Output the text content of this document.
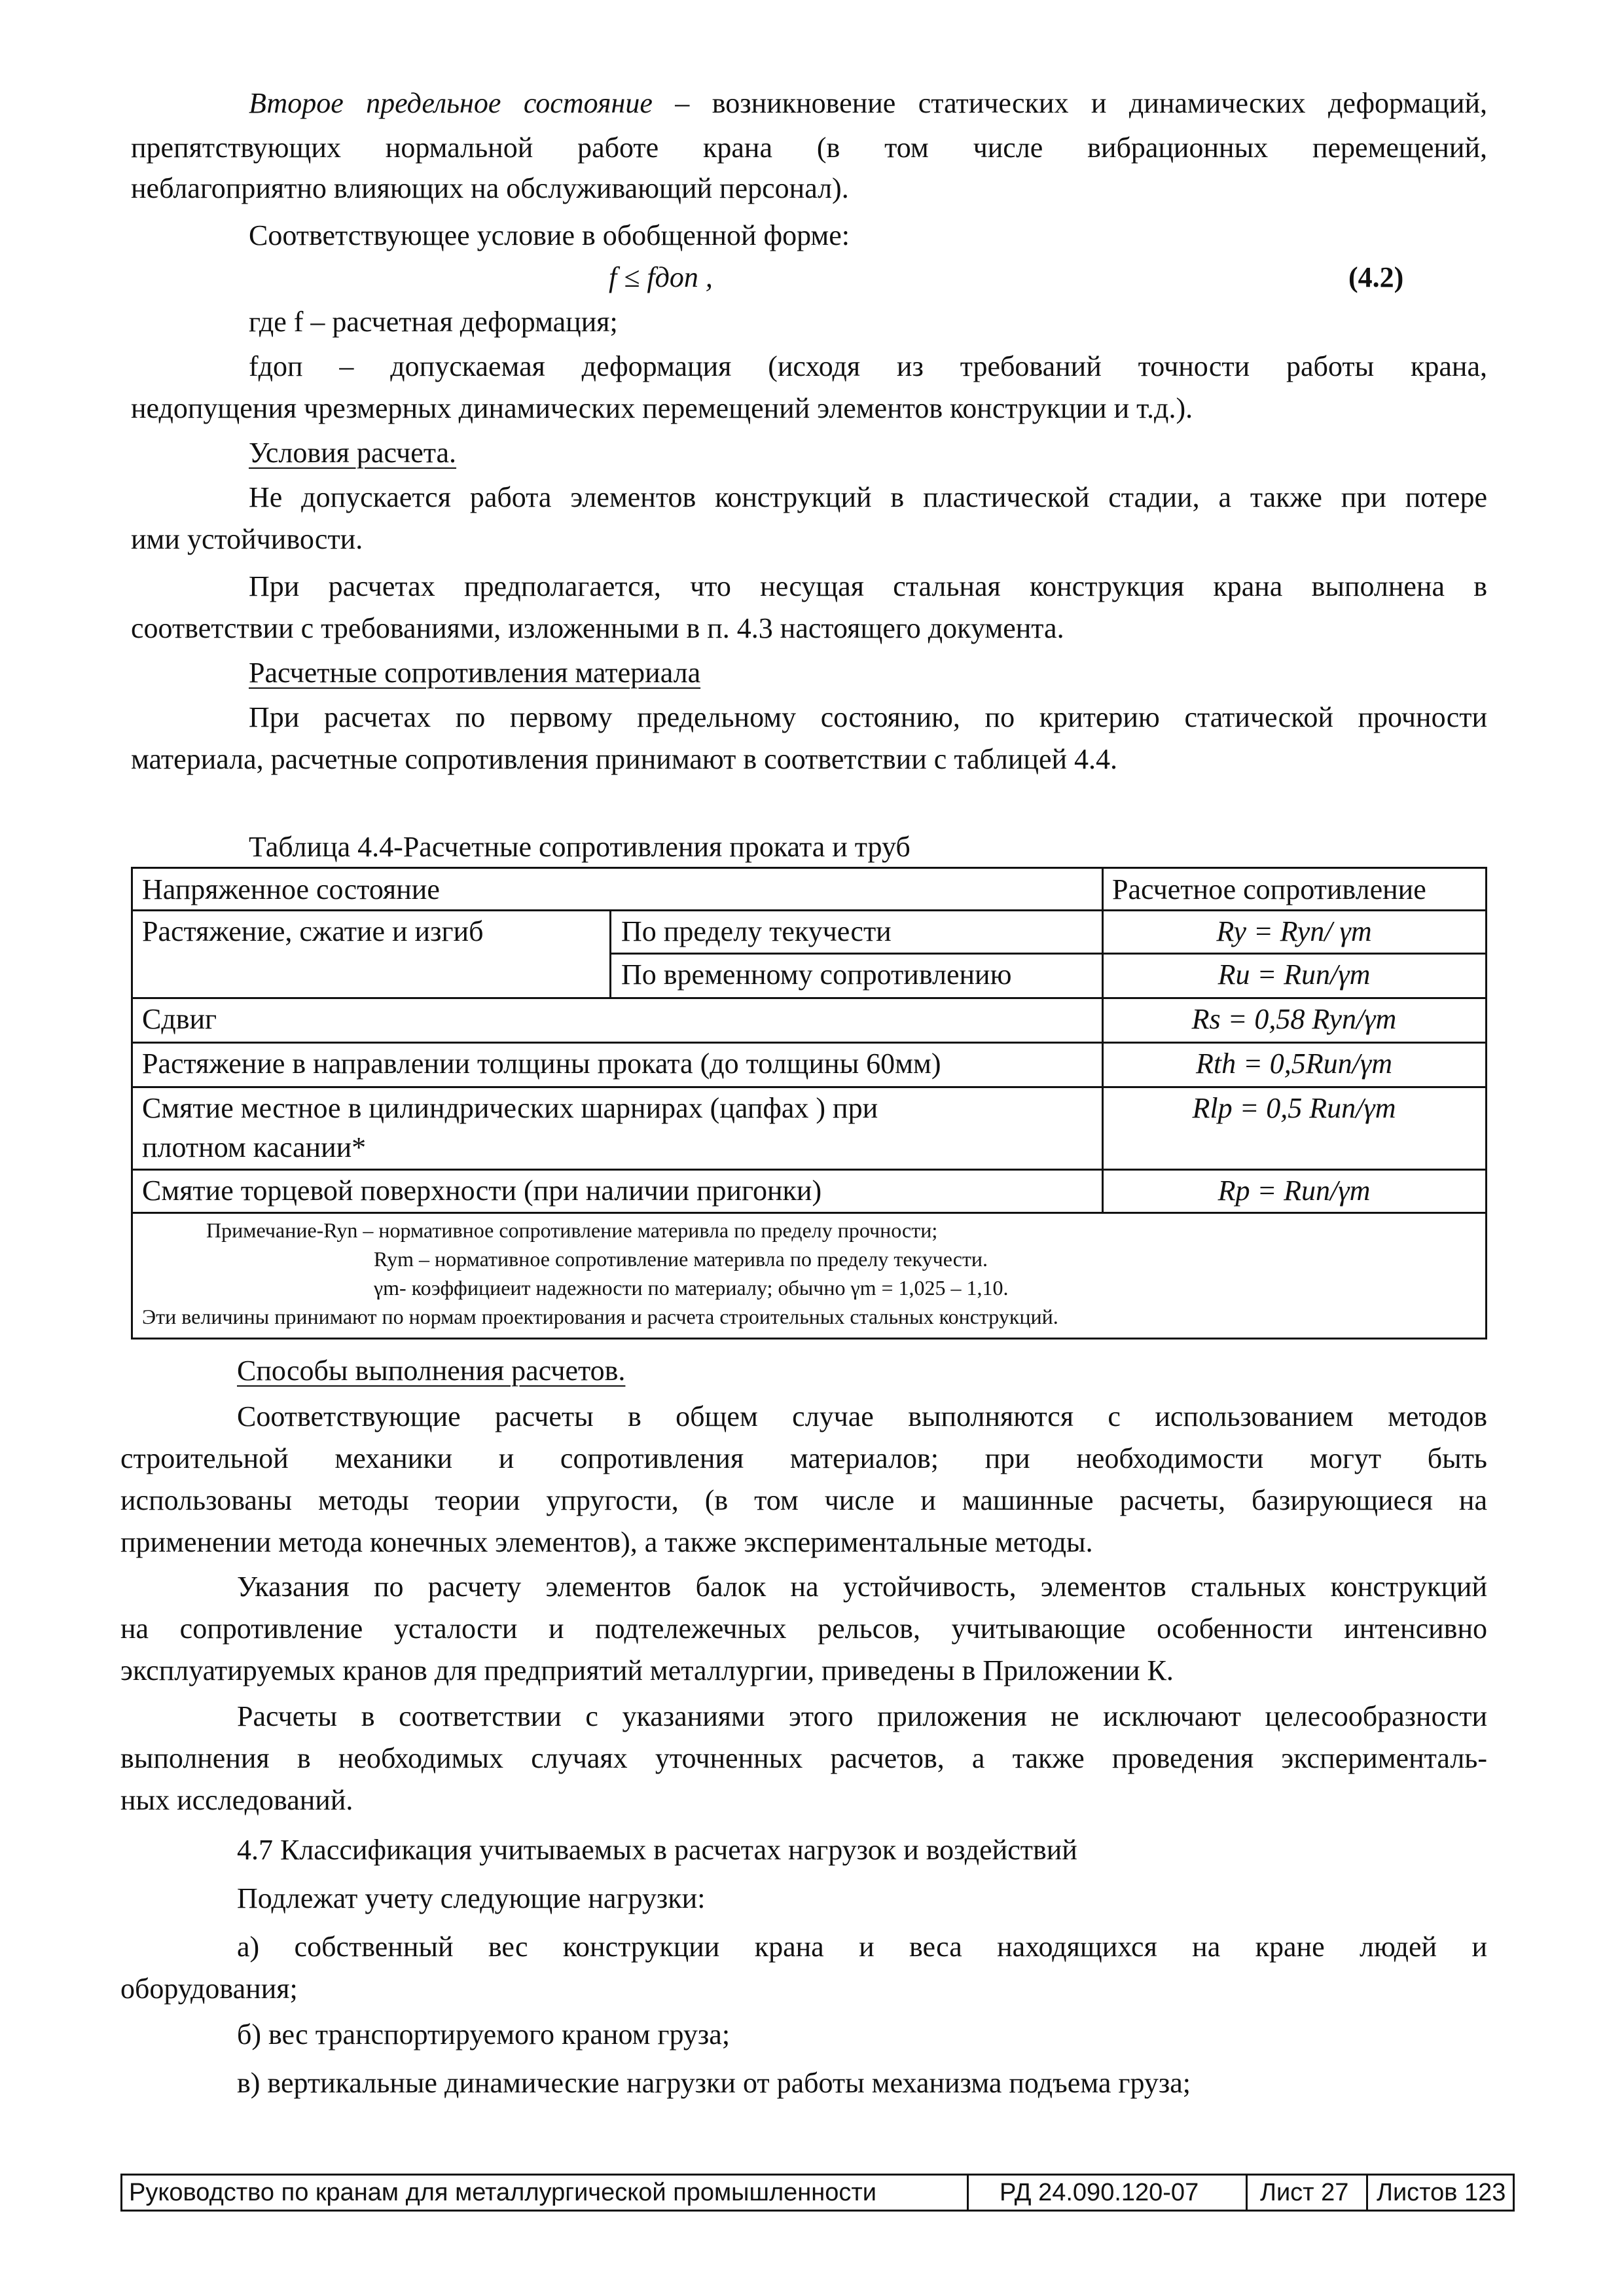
Второе предельное состояние – возникновение статических и динамических деформаций,

препятствующих нормальной работе крана (в том числе вибрационных перемещений,

неблагоприятно влияющих на обслуживающий персонал).

Соответствующее условие в обобщенной форме:

f ≤ fдоп ,	(4.2)

где f – расчетная деформация;

fдоп – допускаемая деформация (исходя из требований точности работы крана,

недопущения чрезмерных динамических перемещений элементов конструкции и т.д.).

Условия расчета.

Не допускается работа элементов конструкций в пластической стадии, а также при потере

ими устойчивости.

При расчетах предполагается, что несущая стальная конструкция крана выполнена в

соответствии с требованиями, изложенными в п. 4.3 настоящего документа.

Расчетные сопротивления материала

При расчетах по первому предельному состоянию, по критерию статической прочности

материала, расчетные сопротивления принимают в соответствии с таблицей 4.4.

Таблица 4.4-Расчетные сопротивления проката и труб

Напряженное состояние	Расчетное сопротивление
Растяжение, сжатие и изгиб	По пределу текучести	Ry = Ryn/ γm
По временному сопротивлению	Ru = Run/γm
Сдвиг	Rs = 0,58 Ryn/γm
Растяжение в направлении толщины проката (до толщины 60мм)	Rth = 0,5Run/γm
Смятие местное в цилиндрических шарнирах (цапфах ) при
плотном касании*
Rlp = 0,5 Run/γm
Смятие торцевой поверхности (при наличии пригонки)	Rp = Run/γm
Примечание-Ryn – нормативное сопротивление материвла по пределу прочности;
Rym – нормативное сопротивление материвла по пределу текучести.
γm- коэффициеит надежности по материалу; обычно γm = 1,025 – 1,10.
Эти величины принимают по нормам проектирования и расчета строительных стальных конструкций.

Способы выполнения расчетов.

Соответствующие расчеты в общем случае выполняются с использованием методов

строительной механики и сопротивления материалов; при необходимости могут быть

использованы методы теории упругости, (в том числе и машинные расчеты, базирующиеся на

применении метода конечных элементов), а также экспериментальные методы.

Указания по расчету элементов балок на устойчивость, элементов стальных конструкций

на сопротивление усталости и подтележечных рельсов, учитывающие особенности интенсивно

эксплуатируемых кранов для предприятий металлургии, приведены в Приложении К.

Расчеты в соответствии с указаниями этого приложения не исключают целесообразности

выполнения в необходимых случаях уточненных расчетов, а также проведения эксперименталь-

ных исследований.

4.7 Классификация учитываемых в расчетах нагрузок и воздействий

Подлежат учету следующие нагрузки:

а) собственный вес конструкции крана и веса находящихся на кране людей и

оборудования;

б) вес транспортируемого краном груза;

в) вертикальные динамические нагрузки от работы механизма подъема груза;

Руководство по кранам для металлургической промышленности	РД 24.090.120-07 Лист 27 Листов 123
